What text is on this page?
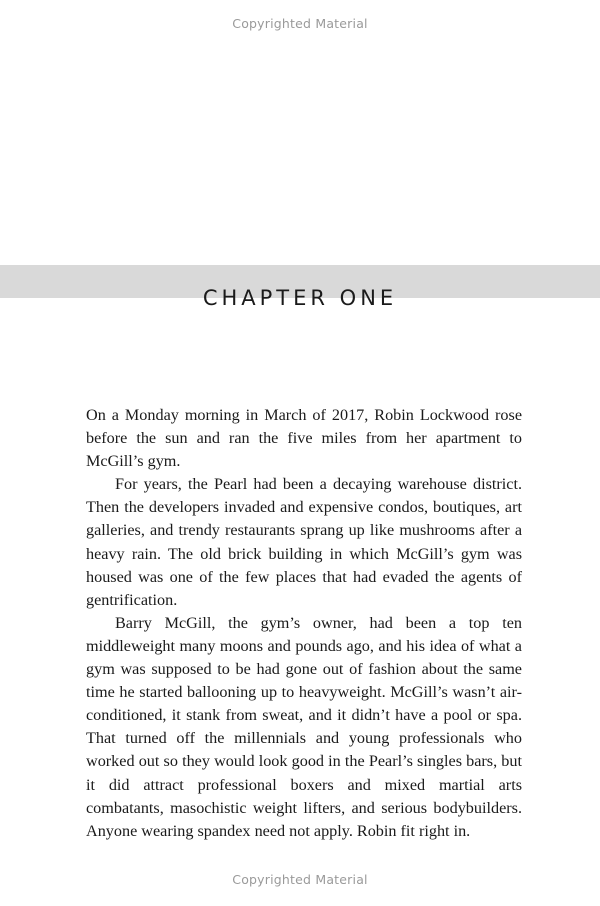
Copyrighted Material
CHAPTER ONE

On a Monday morning in March of 2017, Robin Lockwood rose before the sun and ran the five miles from her apartment to McGill’s gym.

For years, the Pearl had been a decaying warehouse district. Then the developers invaded and expensive condos, boutiques, art galleries, and trendy restaurants sprang up like mushrooms after a heavy rain. The old brick building in which McGill’s gym was housed was one of the few places that had evaded the agents of gentrification.

Barry McGill, the gym’s owner, had been a top ten middleweight many moons and pounds ago, and his idea of what a gym was supposed to be had gone out of fashion about the same time he started ballooning up to heavyweight. McGill’s wasn’t air-conditioned, it stank from sweat, and it didn’t have a pool or spa. That turned off the millennials and young professionals who worked out so they would look good in the Pearl’s singles bars, but it did attract professional boxers and mixed martial arts combatants, masochistic weight lifters, and serious bodybuilders. Anyone wearing spandex need not apply. Robin fit right in.

Copyrighted Material
